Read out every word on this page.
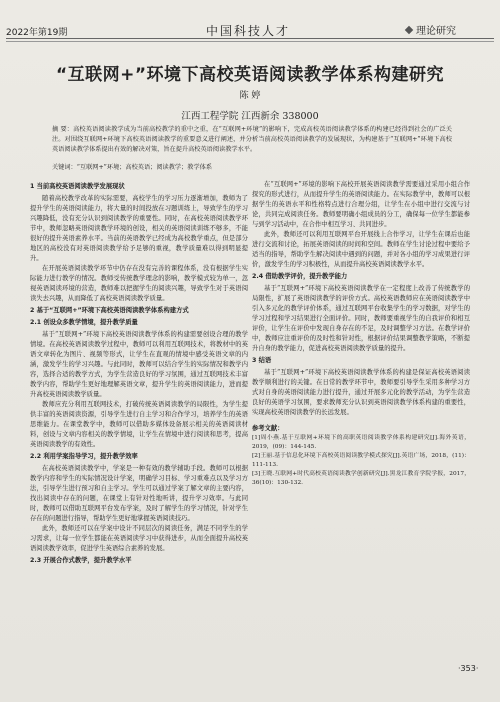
2022年第19期	中国科技人才	理论研究
“互联网+”环境下高校英语阅读教学体系构建研究
陈 婷
江西工程学院 江西新余 338000
摘 要：高校英语阅读教学成为当前高校教学的重中之重，在“互联网+环境”的影响下，完成高校英语阅读教学体系的构建已经得到社会的广泛关注。对围绕互联网+环境下高校英语阅读教学的重要意义进行阐述，并分析当前高校英语阅读教学的发展现状，为构建基于“互联网+”环境下高校英语阅读教学体系提出有效的解决对策，旨在提升高校英语阅读教学水平。
关键词：“互联网+”环境；高校英语；阅读教学；教学体系
1 当前高校英语阅读教学发展现状
随着高校教学改革的实际需要，高校学生的学习压力逐渐增加，教师为了提升学生的英语阅读能力，将大量的时间投放在习题训练上，导致学生的学习兴趣降低，没有充分认识到阅读教学的重要性。同时，在高校英语阅读教学环节中，教师忽略英语阅读教学环境的创设，相关的英语阅读训练不够多，不能很好的提升英语素养水平。当前的英语教学已经成为高校教学重点，但是部分地区的高校没有对英语阅读教学给予足够的重视，教学质量难以得到明显提升。
在开展英语阅读教学环节中仍存在没有完善的课程体系，没有根据学生实际能力进行教学的情况。教师受传统教学理念的影响，教学模式较为单一，忽视英语阅读环境的营造，教师难以把握学生的阅读兴趣，导致学生对于英语阅读失去兴趣，从而降低了高校英语阅读教学质量。
2 基于“互联网+”环境下高校英语阅读教学体系构建方式
2.1 创设众多教学情境，提升教学质量
基于“互联网+”环境下高校英语阅读教学体系的构建需要创设合理的教学情境。在高校英语阅读教学过程中，教师可以利用互联网技术，将教材中的英语文章转化为图片、视频等形式，让学生在直观的情境中感受英语文章的内涵，激发学生的学习兴趣。与此同时，教师可以结合学生的实际情况和教学内容，选择合适的教学方式，为学生营造良好的学习氛围，通过互联网技术丰富教学内容，帮助学生更好地理解英语文章，提升学生的英语阅读能力，进而提升高校英语阅读教学质量。
教师应充分利用互联网技术，打破传统英语阅读教学的局限性，为学生提供丰富的英语阅读资源，引导学生进行自主学习和合作学习，培养学生的英语思维能力。在课堂教学中，教师可以借助多媒体设备展示相关的英语阅读材料，创设与文章内容相关的教学情境，让学生在情境中进行阅读和思考，提高英语阅读教学的有效性。
2.2 利用学案指导学习，提升教学效率
在高校英语阅读教学中，学案是一种有效的教学辅助手段。教师可以根据教学内容和学生的实际情况设计学案，明确学习目标、学习重难点以及学习方法，引导学生进行预习和自主学习。学生可以通过学案了解文章的主要内容，找出阅读中存在的问题，在课堂上有针对性地听讲，提升学习效率。与此同时，教师可以借助互联网平台发布学案，及时了解学生的学习情况，针对学生存在的问题进行指导，帮助学生更好地掌握英语阅读技巧。
此外，教师还可以在学案中设计不同层次的阅读任务，满足不同学生的学习需求，让每一位学生都能在英语阅读学习中获得进步，从而全面提升高校英语阅读教学效率，促进学生英语综合素养的发展。
2.3 开展合作式教学，提升教学水平
在“互联网+”环境的影响下高校开展英语阅读教学需要通过采用小组合作探究的形式进行，从而提升学生的英语阅读能力。在实际教学中，教师可以根据学生的英语水平和性格特点进行合理分组，让学生在小组中进行交流与讨论，共同完成阅读任务。教师要明确小组成员的分工，确保每一位学生都能参与到学习活动中，在合作中相互学习、共同进步。
此外，教师还可以利用互联网平台开展线上合作学习，让学生在课后也能进行交流和讨论，拓展英语阅读的时间和空间。教师在学生讨论过程中要给予适当的指导，帮助学生解决阅读中遇到的问题，并对各小组的学习成果进行评价，激发学生的学习积极性，从而提升高校英语阅读教学水平。
2.4 借助教学评价，提升教学能力
基于“互联网+”环境下高校英语阅读教学在一定程度上改善了传统教学的局限性，扩展了英语阅读教学的评价方式。高校英语教师应在英语阅读教学中引入多元化的教学评价体系，通过互联网平台收集学生的学习数据，对学生的学习过程和学习结果进行全面评价。同时，教师要重视学生的自我评价和相互评价，让学生在评价中发现自身存在的不足，及时调整学习方法。在教学评价中，教师应注重评价的及时性和针对性，根据评价结果调整教学策略，不断提升自身的教学能力，促进高校英语阅读教学质量的提升。
3 结语
基于“互联网+”环境下高校英语阅读教学体系的构建是保证高校英语阅读教学顺利进行的关键。在日常的教学环节中，教师要引导学生采用多种学习方式对自身的英语阅读能力进行提升，通过开展多元化的教学活动，为学生营造良好的英语学习氛围，要求教师充分认识到英语阅读教学体系构建的重要性，实现高校英语阅读教学的长远发展。
参考文献：
[1]周小燕.基于互联网+环境下的高职英语阅读教学体系构建研究[J].海外英语，2019，(09)：144-145.
[2]王丽.基于信息化环境下高校英语阅读教学模式探究[J].英语广场，2018，(11)：111-113.
[3]王晓.互联网+时代高校英语阅读教学创新研究[J].黑龙江教育学院学报，2017，36(10)：130-132.
·353·
